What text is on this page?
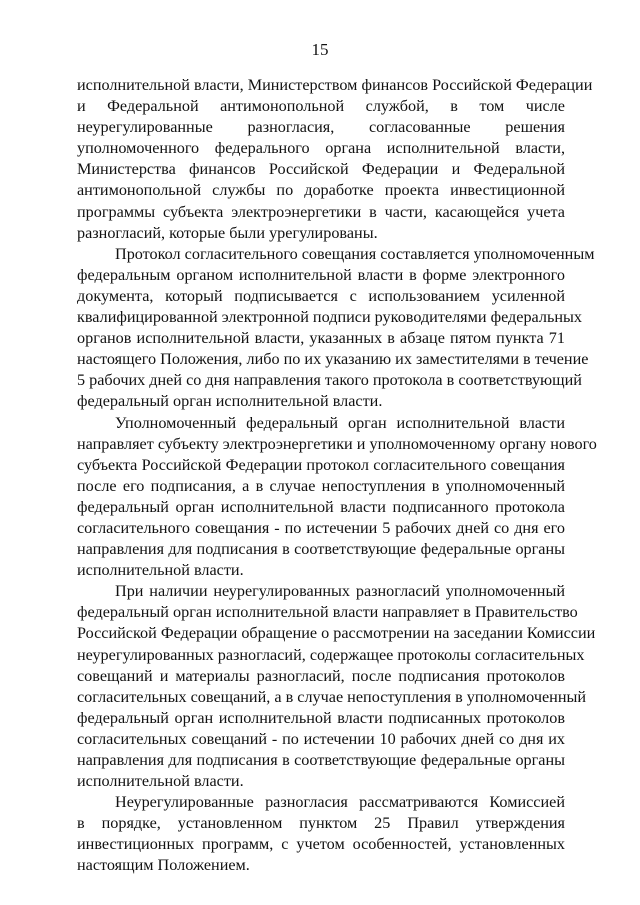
15
исполнительной власти, Министерством финансов Российской Федерации
и Федеральной антимонопольной службой, в том числе
неурегулированные разногласия, согласованные решения
уполномоченного федерального органа исполнительной власти,
Министерства финансов Российской Федерации и Федеральной
антимонопольной службы по доработке проекта инвестиционной
программы субъекта электроэнергетики в части, касающейся учета
разногласий, которые были урегулированы.
Протокол согласительного совещания составляется уполномоченным
федеральным органом исполнительной власти в форме электронного
документа, который подписывается с использованием усиленной
квалифицированной электронной подписи руководителями федеральных
органов исполнительной власти, указанных в абзаце пятом пункта 71
настоящего Положения, либо по их указанию их заместителями в течение
5 рабочих дней со дня направления такого протокола в соответствующий
федеральный орган исполнительной власти.
Уполномоченный федеральный орган исполнительной власти
направляет субъекту электроэнергетики и уполномоченному органу нового
субъекта Российской Федерации протокол согласительного совещания
после его подписания, а в случае непоступления в уполномоченный
федеральный орган исполнительной власти подписанного протокола
согласительного совещания - по истечении 5 рабочих дней со дня его
направления для подписания в соответствующие федеральные органы
исполнительной власти.
При наличии неурегулированных разногласий уполномоченный
федеральный орган исполнительной власти направляет в Правительство
Российской Федерации обращение о рассмотрении на заседании Комиссии
неурегулированных разногласий, содержащее протоколы согласительных
совещаний и материалы разногласий, после подписания протоколов
согласительных совещаний, а в случае непоступления в уполномоченный
федеральный орган исполнительной власти подписанных протоколов
согласительных совещаний - по истечении 10 рабочих дней со дня их
направления для подписания в соответствующие федеральные органы
исполнительной власти.
Неурегулированные разногласия рассматриваются Комиссией
в порядке, установленном пунктом 25 Правил утверждения
инвестиционных программ, с учетом особенностей, установленных
настоящим Положением.
